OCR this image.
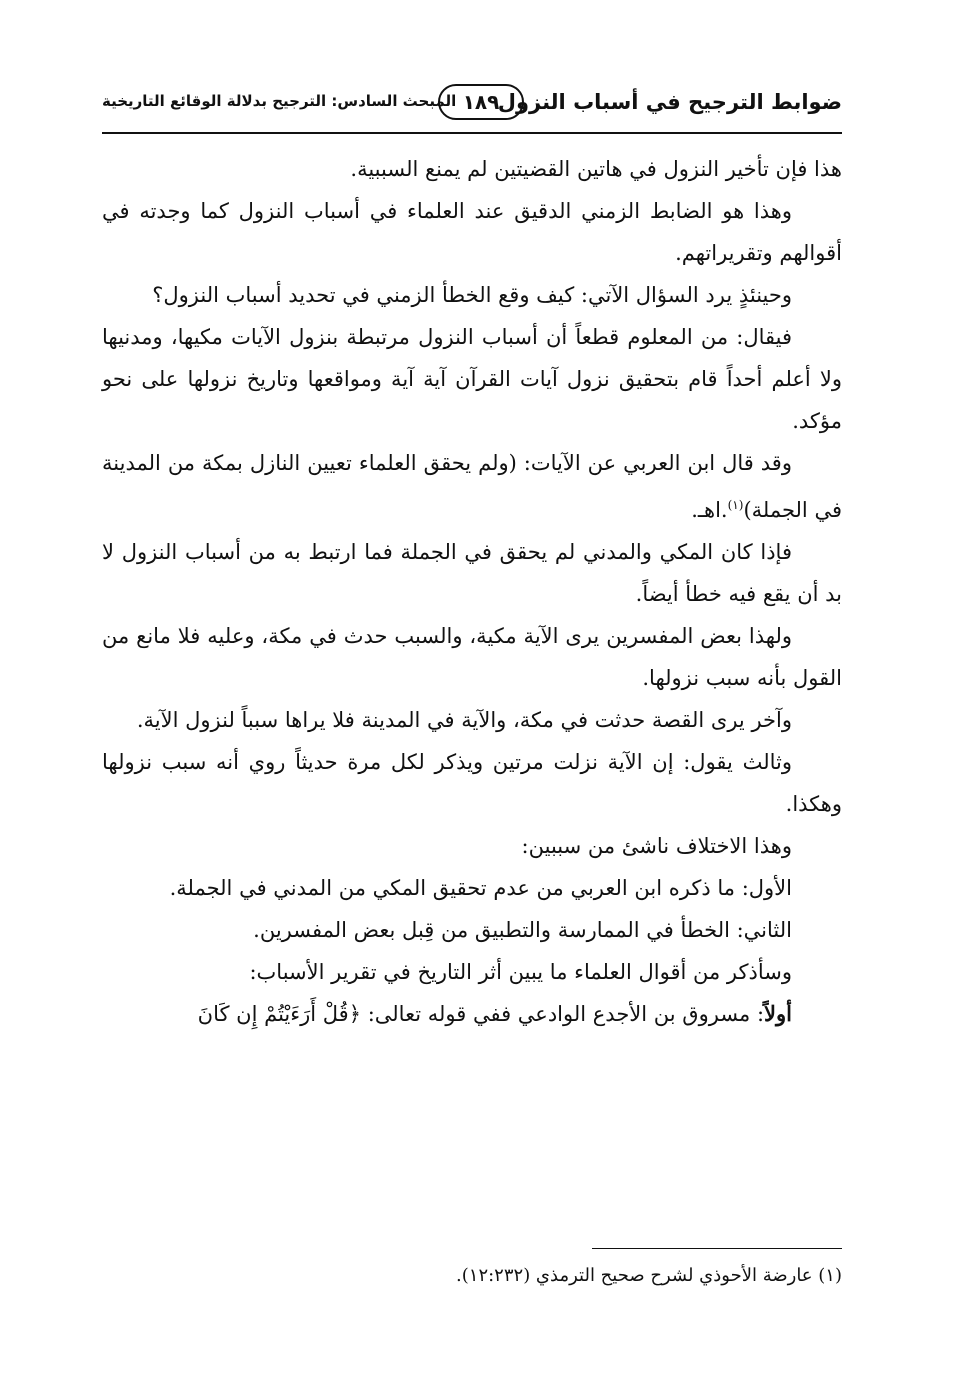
ضوابط الترجيح في أسباب النزول
١٨٩
المبحث السادس: الترجيح بدلالة الوقائع التاريخية

هذا فإن تأخير النزول في هاتين القضيتين لم يمنع السببية.

وهذا هو الضابط الزمني الدقيق عند العلماء في أسباب النزول كما وجدته في أقوالهم وتقريراتهم.

وحينئذٍ يرد السؤال الآتي: كيف وقع الخطأ الزمني في تحديد أسباب النزول؟

فيقال: من المعلوم قطعاً أن أسباب النزول مرتبطة بنزول الآيات مكيها، ومدنيها ولا أعلم أحداً قام بتحقيق نزول آيات القرآن آية آية ومواقعها وتاريخ نزولها على نحو مؤكد.

وقد قال ابن العربي عن الآيات: (ولم يحقق العلماء تعيين النازل بمكة من المدينة في الجملة)$^{(١)}$.اهـ.

فإذا كان المكي والمدني لم يحقق في الجملة فما ارتبط به من أسباب النزول لا بد أن يقع فيه خطأ أيضاً.

ولهذا بعض المفسرين يرى الآية مكية، والسبب حدث في مكة، وعليه فلا مانع من القول بأنه سبب نزولها.

وآخر يرى القصة حدثت في مكة، والآية في المدينة فلا يراها سبباً لنزول الآية.

وثالث يقول: إن الآية نزلت مرتين ويذكر لكل مرة حديثاً روي أنه سبب نزولها وهكذا.

وهذا الاختلاف ناشئ من سببين:

الأول: ما ذكره ابن العربي من عدم تحقيق المكي من المدني في الجملة.

الثاني: الخطأ في الممارسة والتطبيق من قِبل بعض المفسرين.

وسأذكر من أقوال العلماء ما يبين أثر التاريخ في تقرير الأسباب:

أولاً: مسروق بن الأجدع الوادعي ففي قوله تعالى: ﴿قُلْ أَرَءَيْتُمْ إِن كَانَ

(١) عارضة الأحوذي لشرح صحيح الترمذي (١٢:٢٣٢).
